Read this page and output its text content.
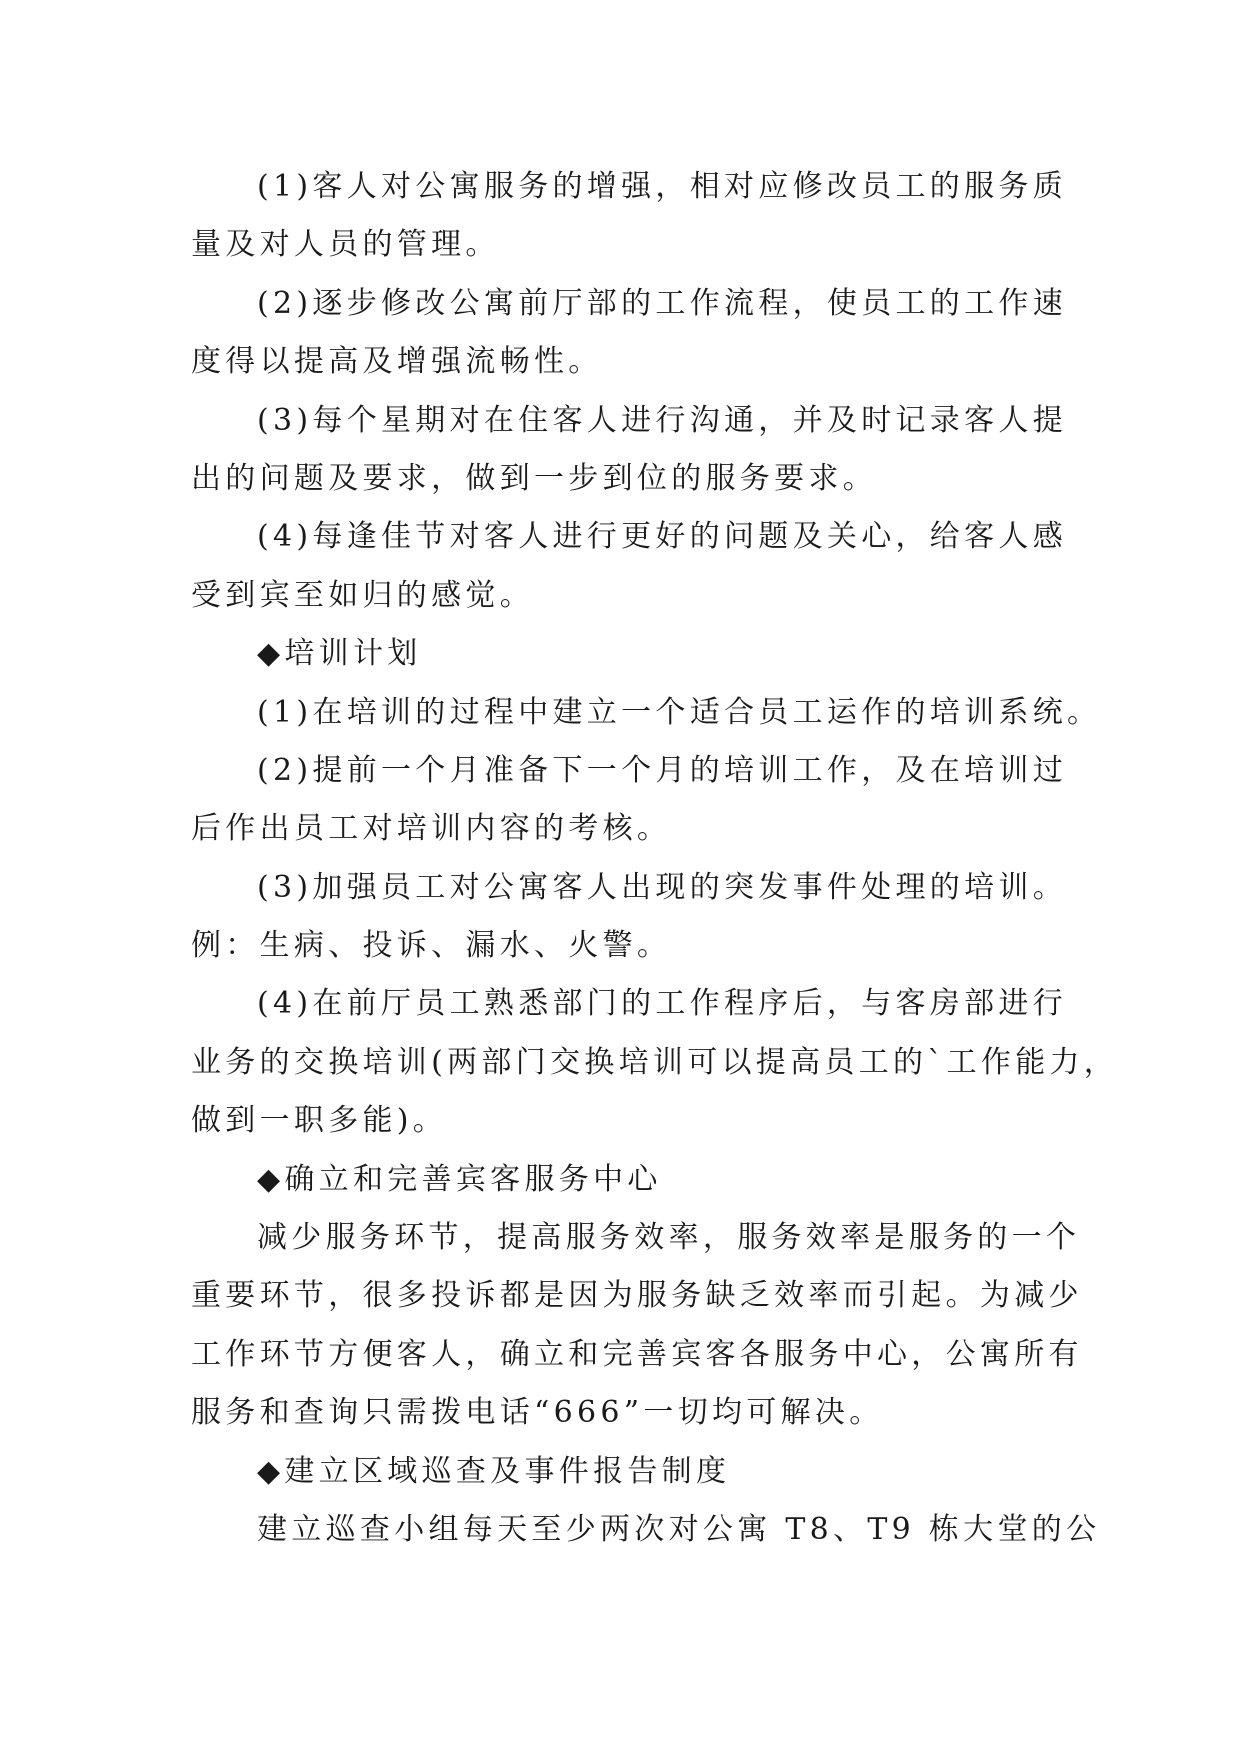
(1)客人对公寓服务的增强，相对应修改员工的服务质
量及对人员的管理。
(2)逐步修改公寓前厅部的工作流程，使员工的工作速
度得以提高及增强流畅性。
(3)每个星期对在住客人进行沟通，并及时记录客人提
出的问题及要求，做到一步到位的服务要求。
(4)每逢佳节对客人进行更好的问题及关心，给客人感
受到宾至如归的感觉。
◆培训计划
(1)在培训的过程中建立一个适合员工运作的培训系统。
(2)提前一个月准备下一个月的培训工作，及在培训过
后作出员工对培训内容的考核。
(3)加强员工对公寓客人出现的突发事件处理的培训。
例：生病、投诉、漏水、火警。
(4)在前厅员工熟悉部门的工作程序后，与客房部进行
业务的交换培训(两部门交换培训可以提高员工的`工作能力，
做到一职多能)。
◆确立和完善宾客服务中心
减少服务环节，提高服务效率，服务效率是服务的一个
重要环节，很多投诉都是因为服务缺乏效率而引起。为减少
工作环节方便客人，确立和完善宾客各服务中心，公寓所有
服务和查询只需拨电话“666”一切均可解决。
◆建立区域巡查及事件报告制度
建立巡查小组每天至少两次对公寓 T8、T9 栋大堂的公
